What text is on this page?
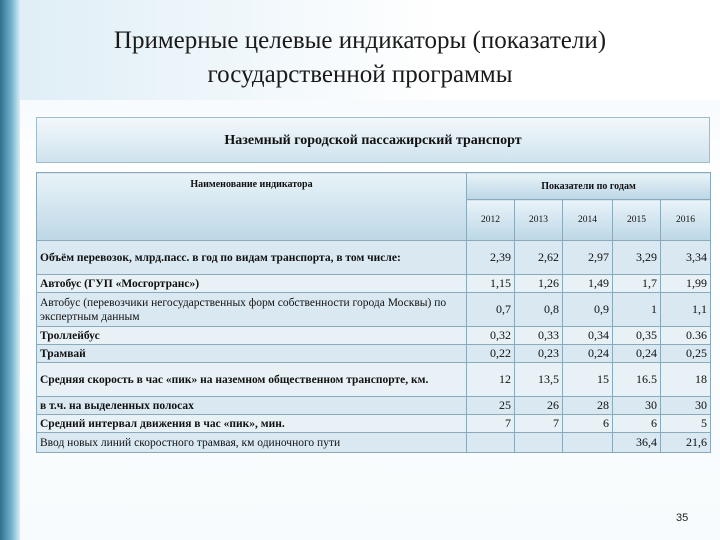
Примерные целевые индикаторы (показатели)
государственной программы
Наземный городской пассажирский транспорт
Наименование индикатора	Показатели по годам				
	2012	2013	2014	2015	2016
Объём перевозок, млрд.пасс. в год по видам транспорта, в том числе:	2,39	2,62	2,97	3,29	3,34
Автобус (ГУП «Мосгортранс»)	1,15	1,26	1,49	1,7	1,99
Автобус (перевозчики негосударственных форм собственности города Москвы) по экспертным данным	0,7	0,8	0,9	1	1,1
Троллейбус	0,32	0,33	0,34	0,35	0.36
Трамвай	0,22	0,23	0,24	0,24	0,25
Средняя скорость в час «пик» на наземном общественном транспорте, км.	12	13,5	15	16.5	18
в т.ч. на выделенных полосах	25	26	28	30	30
Средний интервал движения в час «пик», мин.	7	7	6	6	5
Ввод новых линий скоростного трамвая, км одиночного пути				36,4	21,6
35
